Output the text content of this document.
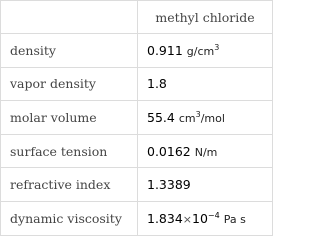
	methyl chloride
density	0.911 $g/cm^3$
vapor density	1.8
molar volume	55.4 $cm^3$/mol
surface tension	0.0162 N/m
refractive index	1.3389
dynamic viscosity	$1.834\times 10^{-4}$ Pa s
